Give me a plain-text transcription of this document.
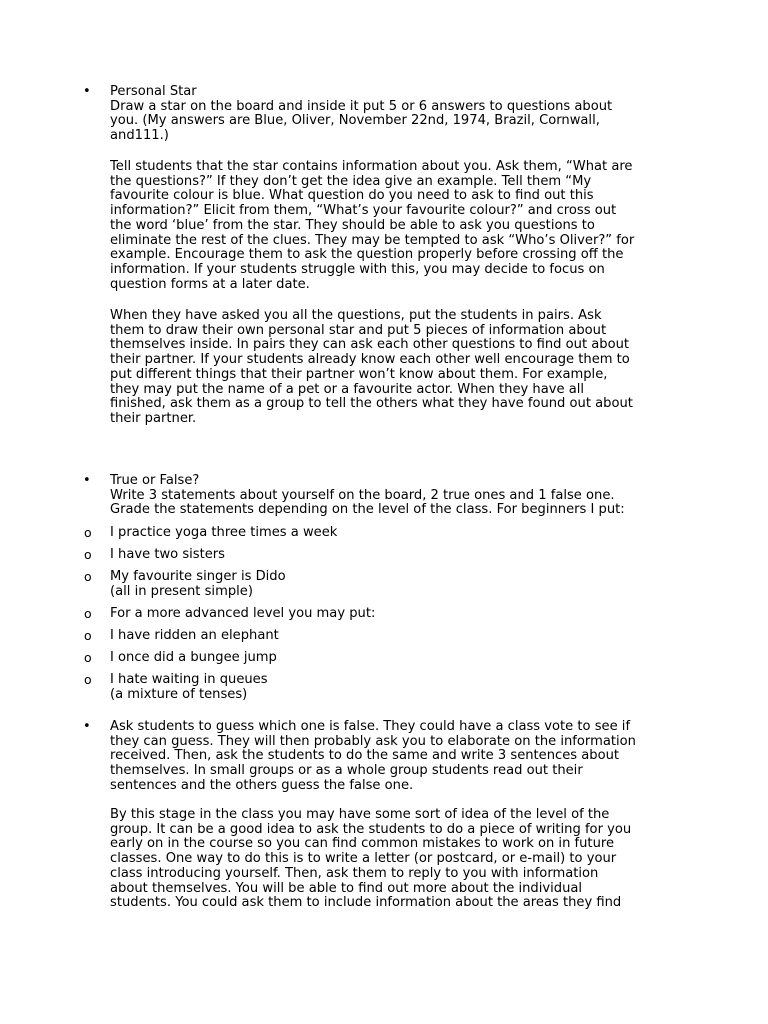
• Personal Star

Draw a star on the board and inside it put 5 or 6 answers to questions about
you. (My answers are Blue, Oliver, November 22nd, 1974, Brazil, Cornwall,
and111.)

Tell students that the star contains information about you. Ask them, “What are
the questions?” If they don’t get the idea give an example. Tell them “My
favourite colour is blue. What question do you need to ask to find out this
information?” Elicit from them, “What’s your favourite colour?” and cross out
the word ‘blue’ from the star. They should be able to ask you questions to
eliminate the rest of the clues. They may be tempted to ask “Who’s Oliver?” for
example. Encourage them to ask the question properly before crossing off the
information. If your students struggle with this, you may decide to focus on
question forms at a later date.

When they have asked you all the questions, put the students in pairs. Ask
them to draw their own personal star and put 5 pieces of information about
themselves inside. In pairs they can ask each other questions to find out about
their partner. If your students already know each other well encourage them to
put different things that their partner won’t know about them. For example,
they may put the name of a pet or a favourite actor. When they have all
finished, ask them as a group to tell the others what they have found out about
their partner.

• True or False?

Write 3 statements about yourself on the board, 2 true ones and 1 false one.
Grade the statements depending on the level of the class. For beginners I put:

o I practice yoga three times a week
o I have two sisters
o My favourite singer is Dido
(all in present simple)
o For a more advanced level you may put:
o I have ridden an elephant
o I once did a bungee jump
o I hate waiting in queues
(a mixture of tenses)
• Ask students to guess which one is false. They could have a class vote to see if
they can guess. They will then probably ask you to elaborate on the information
received. Then, ask the students to do the same and write 3 sentences about
themselves. In small groups or as a whole group students read out their
sentences and the others guess the false one.

By this stage in the class you may have some sort of idea of the level of the
group. It can be a good idea to ask the students to do a piece of writing for you
early on in the course so you can find common mistakes to work on in future
classes. One way to do this is to write a letter (or postcard, or e-mail) to your
class introducing yourself. Then, ask them to reply to you with information
about themselves. You will be able to find out more about the individual
students. You could ask them to include information about the areas they find
